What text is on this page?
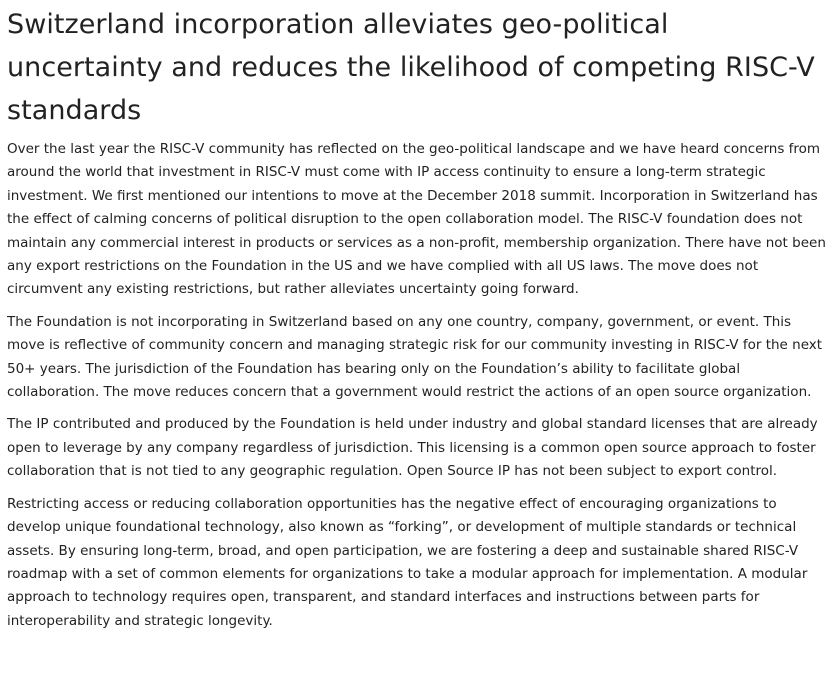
Switzerland incorporation alleviates geo-political uncertainty and reduces the likelihood of competing RISC-V standards

Over the last year the RISC-V community has reflected on the geo-political landscape and we have heard concerns from around the world that investment in RISC-V must come with IP access continuity to ensure a long-term strategic investment. We first mentioned our intentions to move at the December 2018 summit. Incorporation in Switzerland has the effect of calming concerns of political disruption to the open collaboration model. The RISC-V foundation does not maintain any commercial interest in products or services as a non-profit, membership organization. There have not been any export restrictions on the Foundation in the US and we have complied with all US laws. The move does not circumvent any existing restrictions, but rather alleviates uncertainty going forward.

The Foundation is not incorporating in Switzerland based on any one country, company, government, or event. This move is reflective of community concern and managing strategic risk for our community investing in RISC-V for the next 50+ years. The jurisdiction of the Foundation has bearing only on the Foundation’s ability to facilitate global collaboration. The move reduces concern that a government would restrict the actions of an open source organization.

The IP contributed and produced by the Foundation is held under industry and global standard licenses that are already open to leverage by any company regardless of jurisdiction. This licensing is a common open source approach to foster collaboration that is not tied to any geographic regulation. Open Source IP has not been subject to export control.

Restricting access or reducing collaboration opportunities has the negative effect of encouraging organizations to develop unique foundational technology, also known as “forking”, or development of multiple standards or technical assets. By ensuring long-term, broad, and open participation, we are fostering a deep and sustainable shared RISC-V roadmap with a set of common elements for organizations to take a modular approach for implementation. A modular approach to technology requires open, transparent, and standard interfaces and instructions between parts for interoperability and strategic longevity.
